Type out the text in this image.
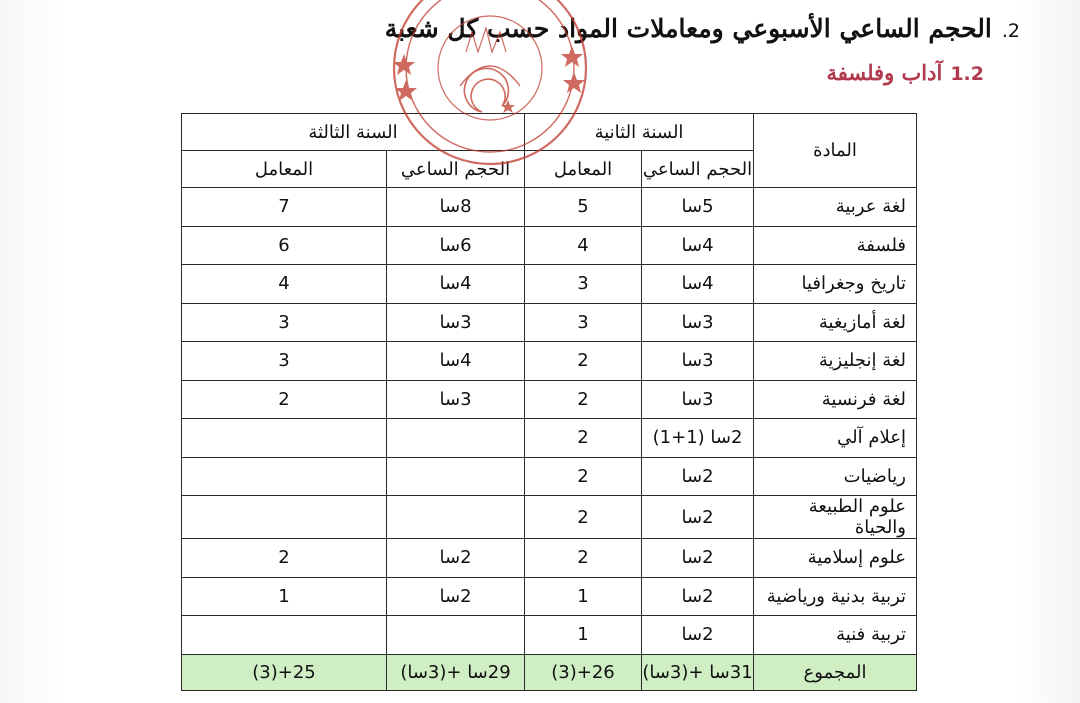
2.
الحجم الساعي الأسبوعي ومعاملات المواد حسب كل شعبة
1.2
آداب وفلسفة
المادة	السنة الثانية		السنة الثالثة	
	الحجم الساعي	المعامل	الحجم الساعي	المعامل
لغة عربية	5سا	5	8سا	7
فلسفة	4سا	4	6سا	6
تاريخ وجغرافيا	4سا	3	4سا	4
لغة أمازيغية	3سا	3	3سا	3
لغة إنجليزية	3سا	2	4سا	3
لغة فرنسية	3سا	2	3سا	2
إعلام آلي	2سا (1+1)	2		
رياضيات	2سا	2		
علوم الطبيعة والحياة	2سا	2		
علوم إسلامية	2سا	2	2سا	2
تربية بدنية ورياضية	2سا	1	2سا	1
تربية فنية	2سا	1		
المجموع	31سا +(3سا)	26+(3)	29سا +(3سا)	25+(3)
